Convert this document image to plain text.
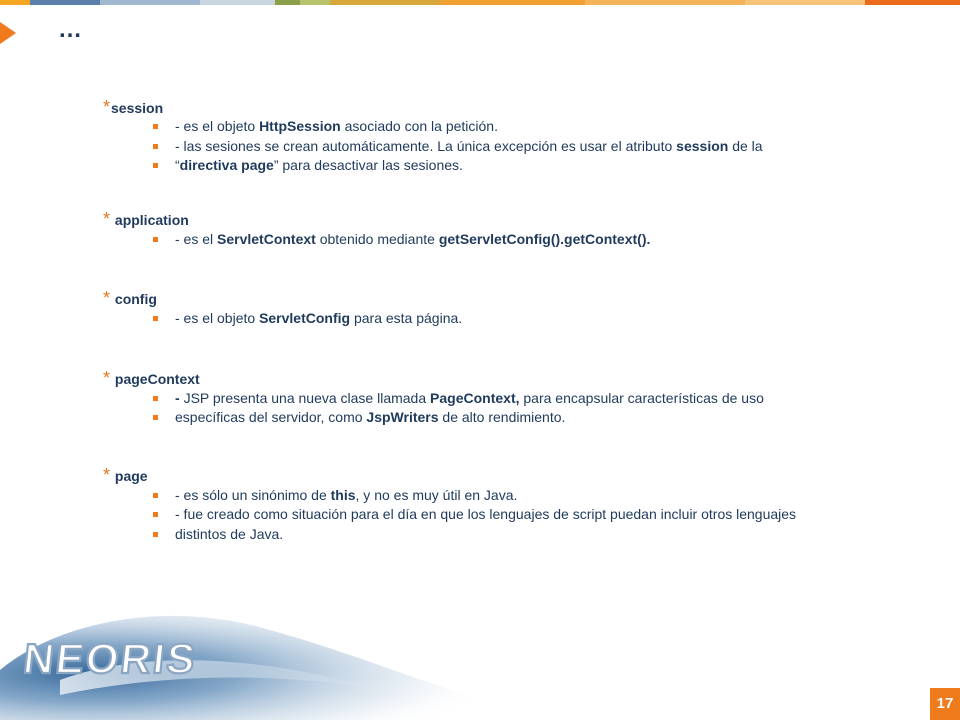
…
*session
- es el objeto HttpSession asociado con la petición.
- las sesiones se crean automáticamente. La única excepción es usar el atributo session de la
“directiva page” para desactivar las sesiones.
* application
- es el ServletContext obtenido mediante getServletConfig().getContext().
* config
- es el objeto ServletConfig para esta página.
* pageContext
- JSP presenta una nueva clase llamada PageContext, para encapsular características de uso
específicas del servidor, como JspWriters de alto rendimiento.
* page
- es sólo un sinónimo de this, y no es muy útil en Java.
- fue creado como situación para el día en que los lenguajes de script puedan incluir otros lenguajes
distintos de Java.
NEORIS
17
